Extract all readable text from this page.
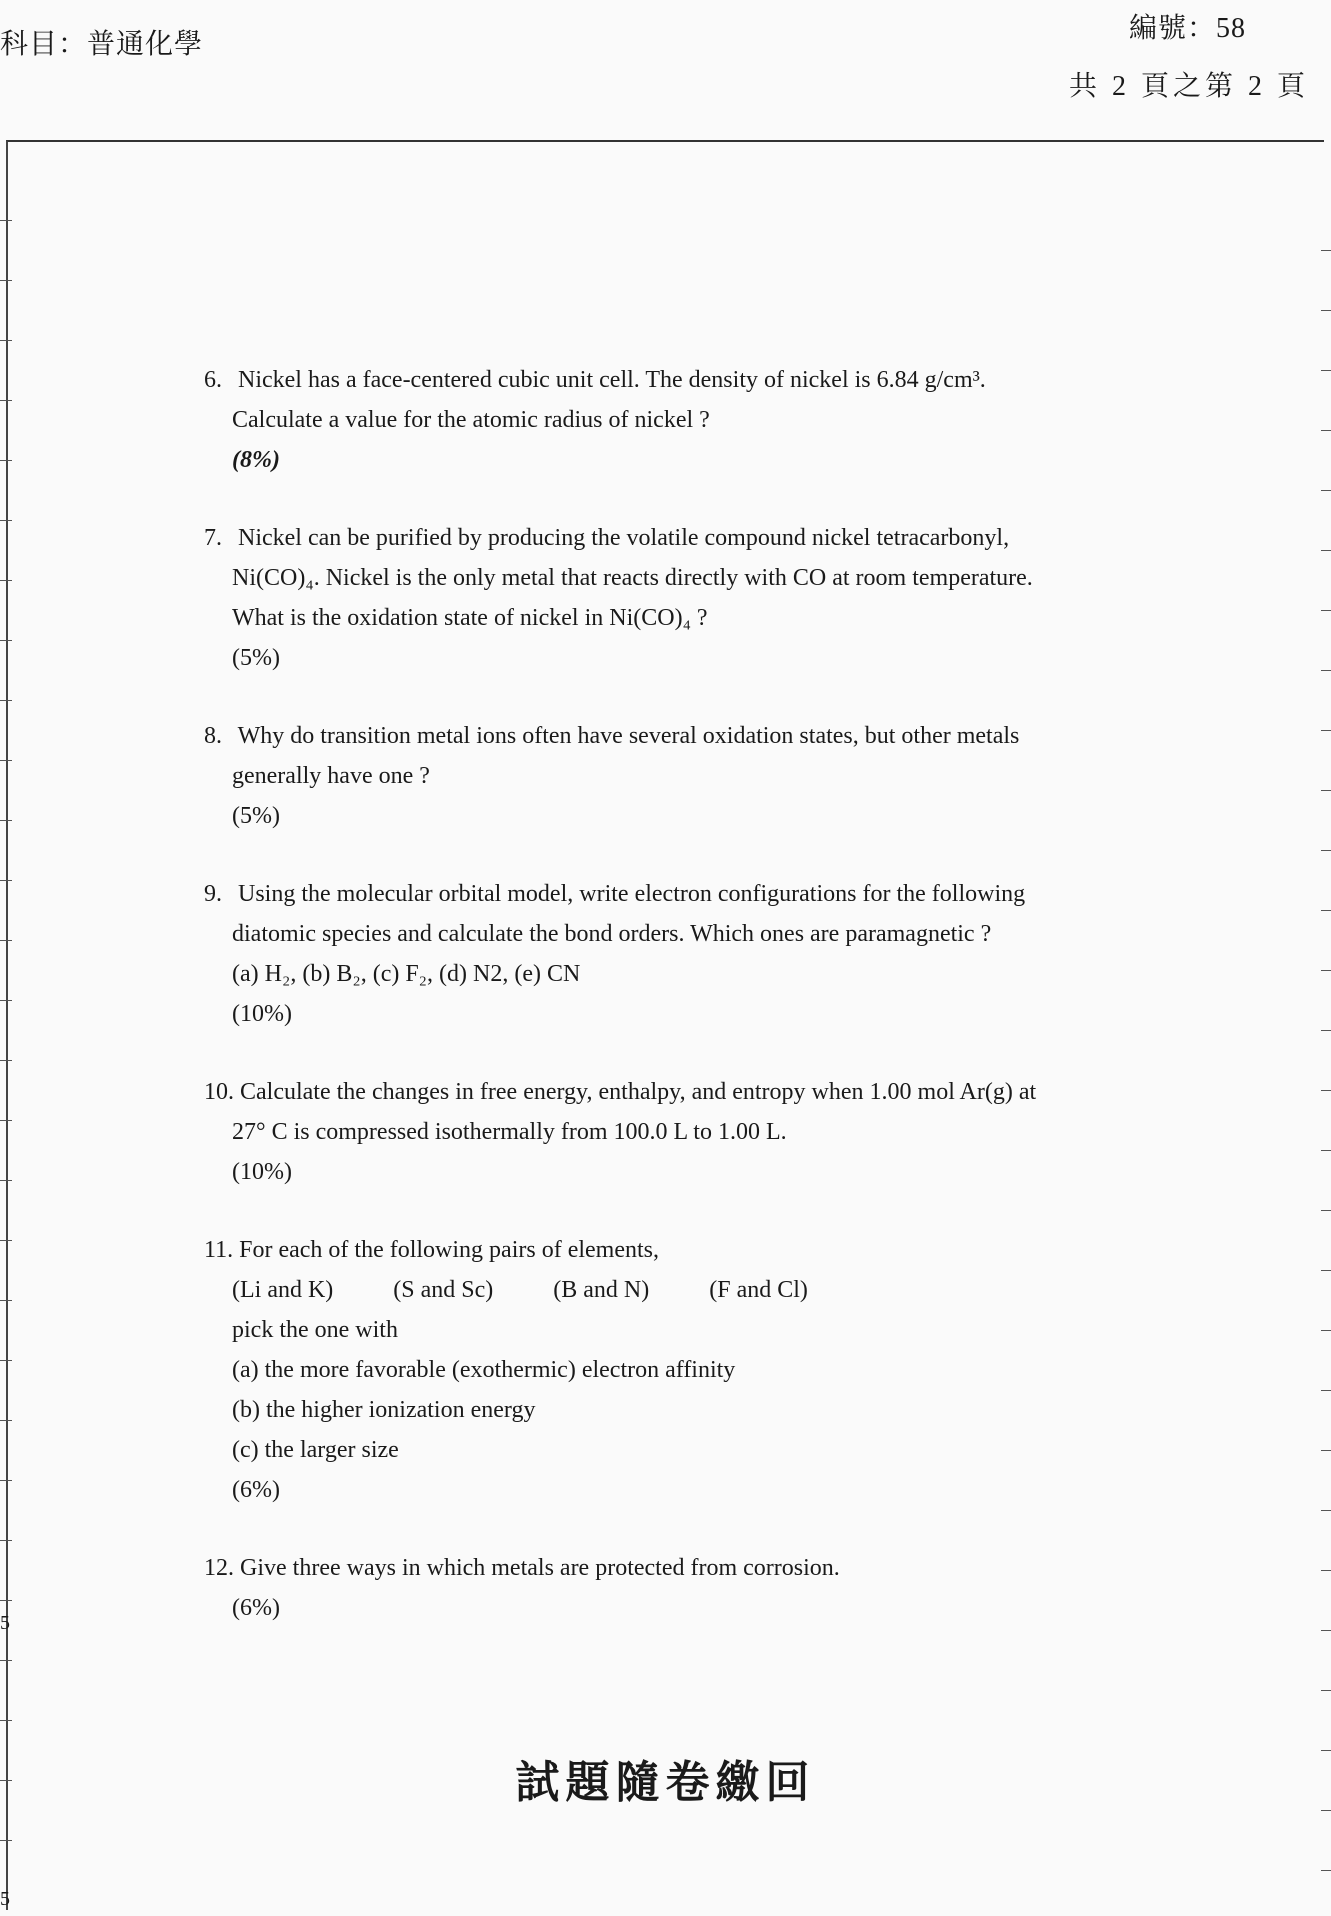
科目：普通化學
編號：58
共 2 頁之第 2 頁
5
5

6. Nickel has a face-centered cubic unit cell. The density of nickel is 6.84 g/cm³.

Calculate a value for the atomic radius of nickel ?

(8%)

7. Nickel can be purified by producing the volatile compound nickel tetracarbonyl,

Ni(CO)₄. Nickel is the only metal that reacts directly with CO at room temperature.

What is the oxidation state of nickel in Ni(CO)₄ ?

(5%)

8. Why do transition metal ions often have several oxidation states, but other metals

generally have one ?

(5%)

9. Using the molecular orbital model, write electron configurations for the following

diatomic species and calculate the bond orders. Which ones are paramagnetic ?

(a) H₂, (b) B₂, (c) F₂, (d) N2, (e) CN

(10%)

10. Calculate the changes in free energy, enthalpy, and entropy when 1.00 mol Ar(g) at

27° C is compressed isothermally from 100.0 L to 1.00 L.

(10%)

11. For each of the following pairs of elements,

(Li and K)	(S and Sc)	(B and N)	(F and Cl)

pick the one with

(a) the more favorable (exothermic) electron affinity

(b) the higher ionization energy

(c) the larger size

(6%)

12. Give three ways in which metals are protected from corrosion.

(6%)

試題隨卷繳回
